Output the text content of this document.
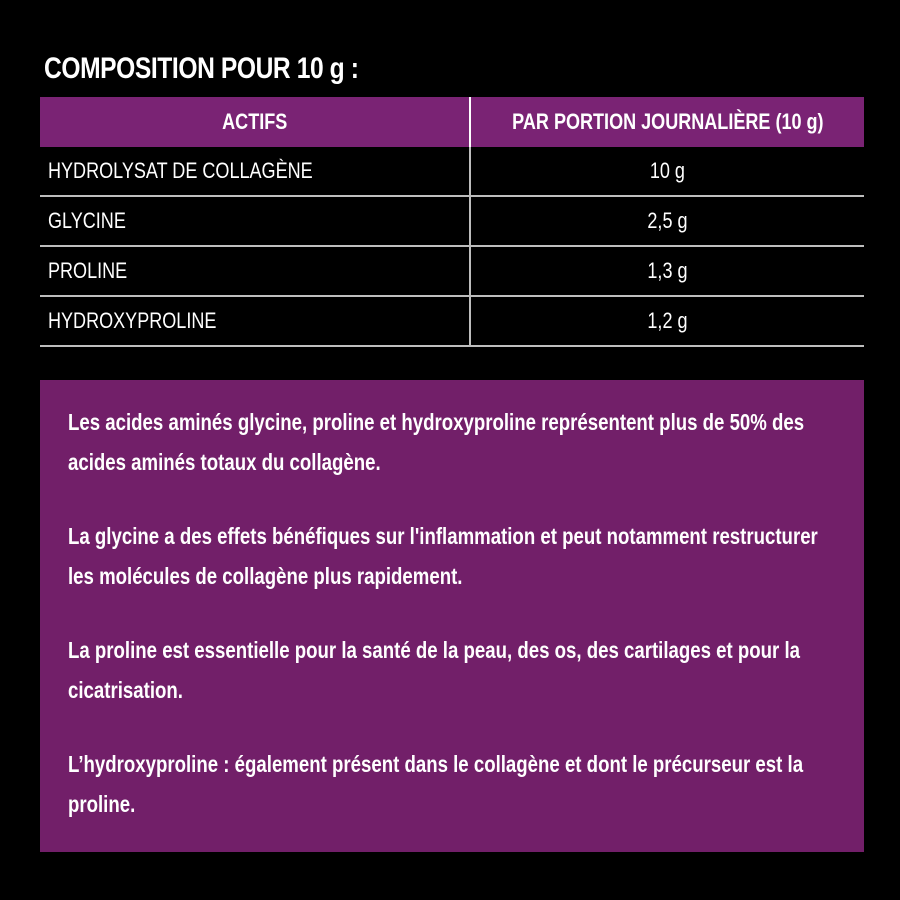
COMPOSITION POUR 10 g :
ACTIFS	PAR PORTION JOURNALIÈRE (10 g)
HYDROLYSAT DE COLLAGÈNE	10 g
GLYCINE	2,5 g
PROLINE	1,3 g
HYDROXYPROLINE	1,2 g

Les acides aminés glycine, proline et hydroxyproline représentent plus de 50% des acides aminés totaux du collagène.

La glycine a des effets bénéfiques sur l'inflammation et peut notamment restructurer les molécules de collagène plus rapidement.

La proline est essentielle pour la santé de la peau, des os, des cartilages et pour la cicatrisation.

L’hydroxyproline : également présent dans le collagène et dont le précurseur est la proline.
